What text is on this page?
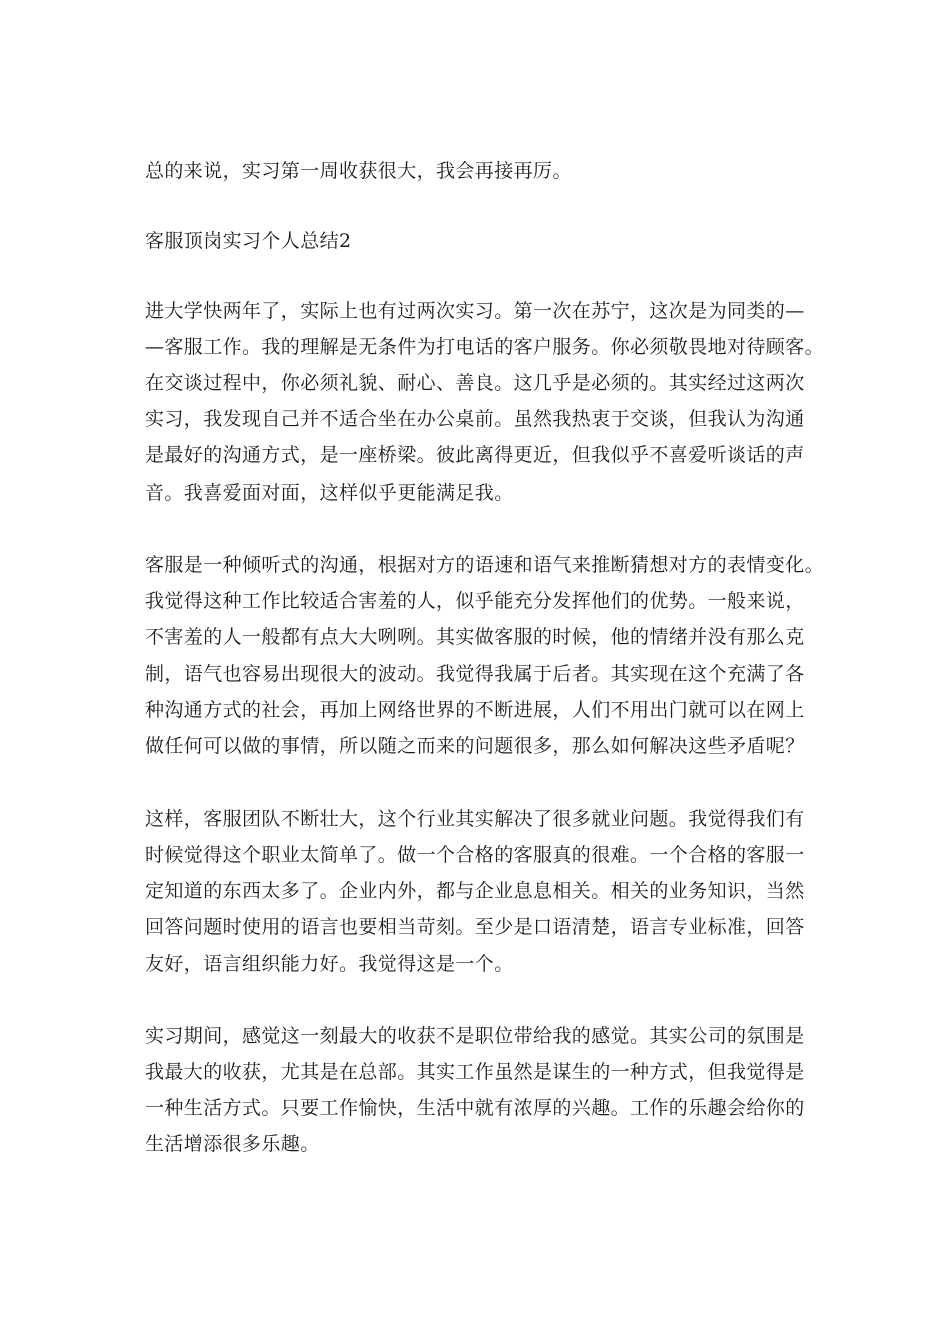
总的来说，实习第一周收获很大，我会再接再厉。
客服顶岗实习个人总结2
进大学快两年了，实际上也有过两次实习。第一次在苏宁，这次是为同类的—
—客服工作。我的理解是无条件为打电话的客户服务。你必须敬畏地对待顾客。
在交谈过程中，你必须礼貌、耐心、善良。这几乎是必须的。其实经过这两次
实习，我发现自己并不适合坐在办公桌前。虽然我热衷于交谈，但我认为沟通
是最好的沟通方式，是一座桥梁。彼此离得更近，但我似乎不喜爱听谈话的声
音。我喜爱面对面，这样似乎更能满足我。
客服是一种倾听式的沟通，根据对方的语速和语气来推断猜想对方的表情变化。
我觉得这种工作比较适合害羞的人，似乎能充分发挥他们的优势。一般来说，
不害羞的人一般都有点大大咧咧。其实做客服的时候，他的情绪并没有那么克
制，语气也容易出现很大的波动。我觉得我属于后者。其实现在这个充满了各
种沟通方式的社会，再加上网络世界的不断进展，人们不用出门就可以在网上
做任何可以做的事情，所以随之而来的问题很多，那么如何解决这些矛盾呢？
这样，客服团队不断壮大，这个行业其实解决了很多就业问题。我觉得我们有
时候觉得这个职业太简单了。做一个合格的客服真的很难。一个合格的客服一
定知道的东西太多了。企业内外，都与企业息息相关。相关的业务知识，当然
回答问题时使用的语言也要相当苛刻。至少是口语清楚，语言专业标准，回答
友好，语言组织能力好。我觉得这是一个。
实习期间，感觉这一刻最大的收获不是职位带给我的感觉。其实公司的氛围是
我最大的收获，尤其是在总部。其实工作虽然是谋生的一种方式，但我觉得是
一种生活方式。只要工作愉快，生活中就有浓厚的兴趣。工作的乐趣会给你的
生活增添很多乐趣。
